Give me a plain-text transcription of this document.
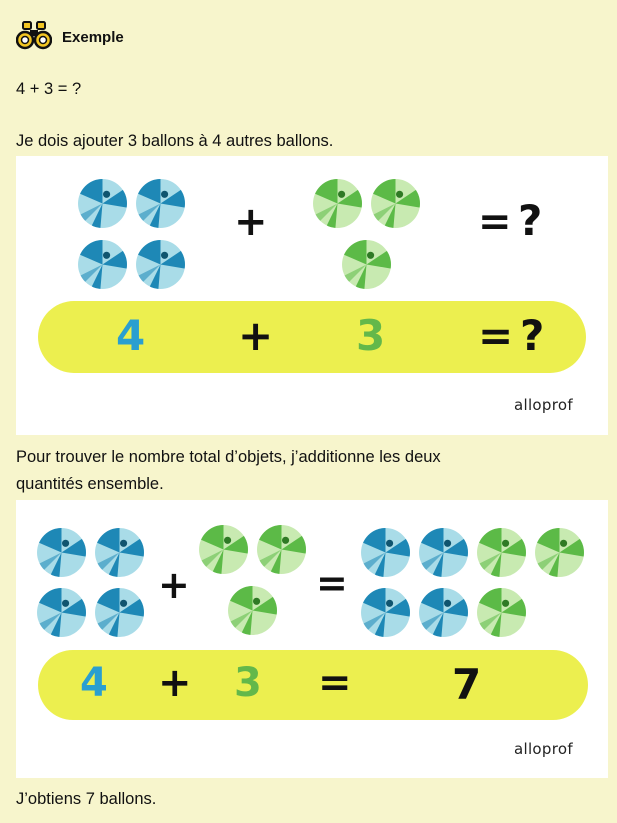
Exemple
4 + 3 = ?
Je dois ajouter 3 ballons à 4 autres ballons.
+	= ?
4 + 3 = ?
alloprof
Pour trouver le nombre total d’objets, j’additionne les deux
quantités ensemble.
+	=
4 + 3 = 7
alloprof
J’obtiens 7 ballons.
